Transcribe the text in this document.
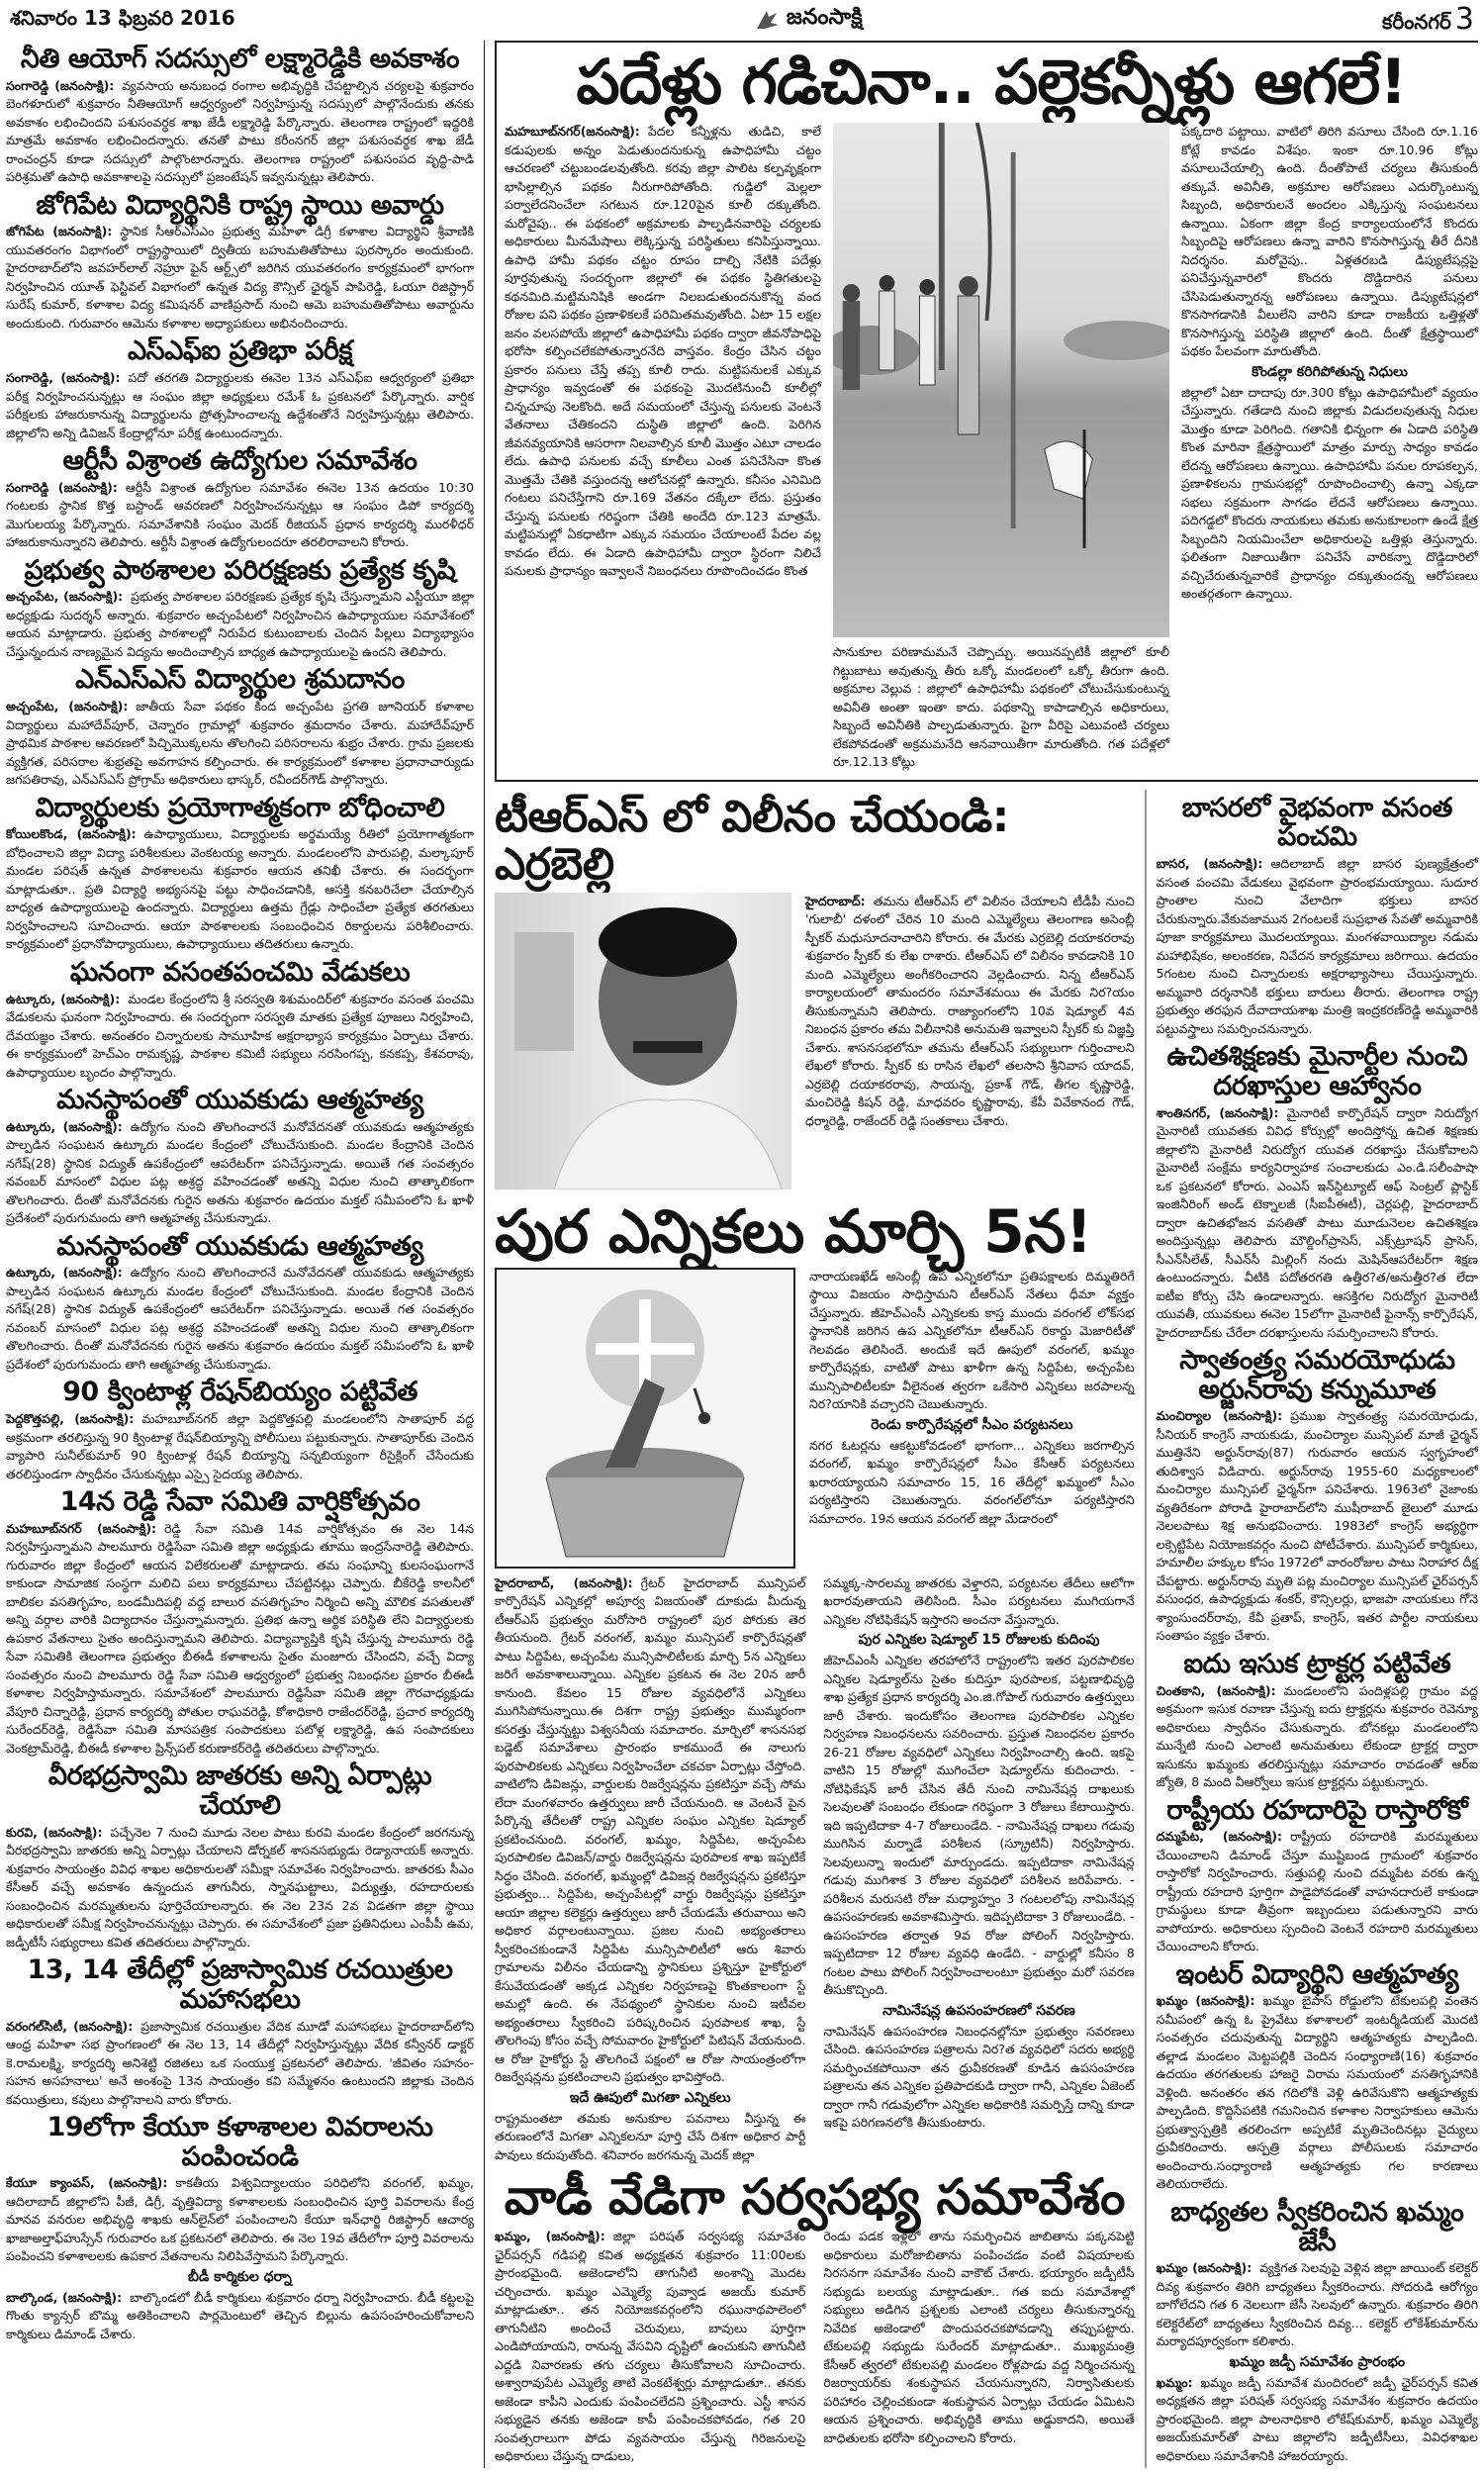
శనివారం 13 ఫిబ్రవరి 2016	జనంసాక్షి	కరీంనగర్ 3
నీతి ఆయోగ్ సదస్సులో లక్ష్మారెడ్డికి అవకాశం

సంగారెడ్డి (జనంసాక్షి): వ్యవసాయ అనుబంధ రంగాల అభివృద్ధికి చేపట్టాల్సిన చర్యలపై శుక్రవారం బెంగళూరులో శుక్రవారం నీతిఆయోగ్ ఆధ్వర్యంలో నిర్వహిస్తున్న సదస్సులో పాల్గొనేందుకు తనకు అవకాశం లభించిందని పశుసంవర్ధక శాఖ జేడీ లక్ష్మారెడ్డి పేర్కొన్నారు. తెలంగాణ రాష్ట్రంలో ఇద్దరికి మాత్రమే అవకాశం లభించిందన్నారు. తనతో పాటు కరీంనగర్ జిల్లా పశుసంవర్ధక శాఖ జేడీ రాంచంద్రన్ కూడా సదస్సులో పాల్గొంటారన్నారు. తెలంగాణ రాష్ట్రంలో పశుసంపద వృద్ధి-పాడి పరిశ్రమతో ఉపాధి అవకాశాలపై సదస్సులో ప్రజంటేషన్ ఇవ్వనున్నట్లు తెలిపారు.

జోగిపేట విద్యార్థినికి రాష్ట్ర స్థాయి అవార్డు

జోగిపేట (జనంసాక్షి): స్థానిక సీఆర్ఎస్ఎం ప్రభుత్వ మహిళా డిగ్రీ కళాశాల విద్యార్థిని శ్రీవాణికి యువతరంగం విభాగంలో రాష్ట్రస్థాయిలో ద్వితీయ బహుమతితోపాటు పురస్కారం అందుకుంది. హైదరాబాద్‌లోని జవహర్‌లాల్ నెహ్రూ ఫైన్ ఆర్ట్స్‌లో జరిగిన యువతరంగం కార్యక్రమంలో భాగంగా నిర్వహించిన యూత్ ఫెస్టివల్ విభాగంలో ఉన్నత విద్య కౌన్సిల్ ఛైర్మన్ పాపిరెడ్డి, ఓయూ రిజిస్ట్రార్ సురేష్ కుమార్, కళాశాల విద్య కమిషనర్ వాణిప్రసాద్ నుంచి ఆమె బహుమతితోపాటు అవార్డును అందుకుంది. గురువారం ఆమెను కళాశాల అధ్యాపకులు అభినందించారు.

ఎస్ఎఫ్ఐ ప్రతిభా పరీక్ష

సంగారెడ్డి, (జనంసాక్షి): పదో తరగతి విద్యార్థులకు ఈనెల 13న ఎస్ఎఫ్ఐ ఆధ్వర్యంలో ప్రతిభా పరీక్ష నిర్వహించనున్నట్లు ఆ సంఘం జిల్లా అధ్యక్షులు రమేశ్ ఓ ప్రకటనలో పేర్కొన్నారు. వార్షిక పరీక్షలకు హాజరుకానున్న విద్యార్థులను ప్రోత్సహించాలన్న ఉద్దేశంతోనే నిర్వహిస్తున్నట్లు తెలిపారు. జిల్లాలోని అన్ని డివిజన్ కేంద్రాల్లోనూ పరీక్ష ఉంటుందన్నారు.

ఆర్టీసీ విశ్రాంత ఉద్యోగుల సమావేశం

సంగారెడ్డి (జనంసాక్షి): ఆర్టీసీ విశ్రాంత ఉద్యోగుల సమావేశం ఈనెల 13న ఉదయం 10:30 గంటలకు స్థానిక కొత్త బస్టాండ్ ఆవరణలో నిర్వహించనున్నట్లు ఆ సంఘం డిపో కార్యదర్శి మొగులయ్య పేర్కొన్నారు. సమావేశానికి సంఘం మెదక్ రీజియన్ ప్రధాన కార్యదర్శి మురళీధర్ హాజరుకానున్నారని తెలిపారు. ఆర్టీసీ విశ్రాంత ఉద్యోగులందరూ తరలిరావాలని కోరారు.

ప్రభుత్వ పాఠశాలల పరిరక్షణకు ప్రత్యేక కృషి

అచ్చంపేట, (జనంసాక్షి): ప్రభుత్వ పాఠశాలల పరిరక్షణకు ప్రత్యేక కృషి చేస్తున్నామని ఎస్టీయూ జిల్లా అధ్యక్షుడు సుదర్శన్ అన్నారు. శుక్రవారం అచ్చంపేటలో నిర్వహించిన ఉపాధ్యాయుల సమావేశంలో ఆయన మాట్లాడారు. ప్రభుత్వ పాఠశాలల్లో నిరుపేద కుటుంబాలకు చెందిన పిల్లలు విద్యాభ్యాసం చేస్తున్నందున నాణ్యమైన విద్యను అందించాల్సిన బాధ్యత ఉపాధ్యాయులపై ఉందని తెలిపారు.

ఎన్ఎస్ఎస్ విద్యార్థుల శ్రమదానం

అచ్చంపేట, (జనంసాక్షి): జాతీయ సేవా పథకం కింద అచ్చంపేట ప్రగతి జూనియర్ కళాశాల విద్యార్థులు మహాదేవ్‌పూర్, చెన్నారం గ్రామాల్లో శుక్రవారం శ్రమదానం చేశారు. మహాదేవ్‌పూర్ ప్రాథమిక పాఠశాల ఆవరణలో పిచ్చిమొక్కలను తొలగించి పరిసరాలను శుభ్రం చేశారు. గ్రామ ప్రజలకు వ్యక్తిగత, పరిసరాల శుభ్రతపై అవగాహన కల్పించారు. ఈ కార్యక్రమంలో కళాశాల ప్రధానాచార్యుడు జగపతిరావు, ఎన్ఎస్ఎస్ ప్రోగ్రామ్ అధికారులు భాస్కర్, రవీందర్‌గౌడ్ పాల్గొన్నారు.

విద్యార్థులకు ప్రయోగాత్మకంగా బోధించాలి

కోయిలకొండ, (జనంసాక్షి): ఉపాధ్యాయులు, విద్యార్థులకు అర్థమయ్యే రీతిలో ప్రయోగాత్మకంగా బోధించాలని జిల్లా విద్యా పరిశీలకులు వెంకటయ్య అన్నారు. మండలంలోని పారుపల్లి, మల్కాపూర్ మండల పరిషత్ ఉన్నత పాఠశాలలను శుక్రవారం ఆయన తనిఖీ చేశారు. ఈ సందర్భంగా మాట్లాడుతూ.. ప్రతి విద్యార్థి అభ్యసనపై పట్టు సాధించడానికి, ఆసక్తి కనబరిచేలా చేయాల్సిన బాధ్యత ఉపాధ్యాయులపై ఉందన్నారు. విద్యార్థులు ఉత్తమ గ్రేడ్లు సాధించేలా ప్రత్యేక తరగతులు నిర్వహించాలని సూచించారు. ఆయా పాఠశాలలకు సంబంధించిన రికార్డులను పరిశీలించారు. కార్యక్రమంలో ప్రధానోపాధ్యాయులు, ఉపాధ్యాయులు తదితరులు ఉన్నారు.

ఘనంగా వసంతపంచమి వేడుకలు

ఉట్కూరు, (జనంసాక్షి): మండల కేంద్రంలోని శ్రీ సరస్వతి శిశుమందిర్‌లో శుక్రవారం వసంత పంచమి వేడుకలను ఘనంగా నిర్వహించారు. ఈ సందర్భంగా సరస్వతి మాతకు ప్రత్యేక పూజలు నిర్వహించి, దేవయజ్ఞం చేశారు. అనంతరం చిన్నారులకు సామూహిక అక్షరాభ్యాస కార్యక్రమం ఏర్పాటు చేశారు. ఈ కార్యక్రమంలో హెచ్ఎం రామకృష్ణ, పాఠశాల కమిటీ సభ్యులు నరసింగప్ప, కనకప్ప, కేశవరావు, ఉపాధ్యాయుల బృందం పాల్గొన్నారు.

మనస్థాపంతో యువకుడు ఆత్మహత్య

ఉట్కూరు, (జనంసాక్షి): ఉద్యోగం నుంచి తొలగించారనే మనోవేదనతో యువకుడు ఆత్మహత్యకు పాల్పడిన సంఘటన ఉట్కూరు మండల కేంద్రంలో చోటుచేసుకుంది. మండల కేంద్రానికి చెందిన నగేష్(28) స్థానిక విద్యుత్ ఉపకేంద్రంలో ఆపరేటర్‌గా పనిచేస్తున్నాడు. అయితే గత సంవత్సరం నవంబర్ మాసంలో విధుల పట్ల అశ్రద్ధ వహించడంతో అతన్ని విధుల నుంచి తాత్కాలికంగా తొలగించారు. దీంతో మనోవేదనకు గురైన అతను శుక్రవారం ఉదయం మక్తల్ సమీపంలోని ఓ ఖాళీ ప్రదేశంలో పురుగుమందు తాగి ఆత్మహత్య చేసుకున్నాడు.

మనస్థాపంతో యువకుడు ఆత్మహత్య

ఉట్కూరు, (జనంసాక్షి): ఉద్యోగం నుంచి తొలగించారనే మనోవేదనతో యువకుడు ఆత్మహత్యకు పాల్పడిన సంఘటన ఉట్కూరు మండల కేంద్రంలో చోటుచేసుకుంది. మండల కేంద్రానికి చెందిన నగేష్(28) స్థానిక విద్యుత్ ఉపకేంద్రంలో ఆపరేటర్‌గా పనిచేస్తున్నాడు. అయితే గత సంవత్సరం నవంబర్ మాసంలో విధుల పట్ల అశ్రద్ధ వహించడంతో అతన్ని విధుల నుంచి తాత్కాలికంగా తొలగించారు. దీంతో మనోవేదనకు గురైన అతను శుక్రవారం ఉదయం మక్తల్ సమీపంలోని ఓ ఖాళీ ప్రదేశంలో పురుగుమందు తాగి ఆత్మహత్య చేసుకున్నాడు.

90 క్వింటాళ్ల రేషన్‌బియ్యం పట్టివేత

పెద్దకొత్తపల్లి, (జనంసాక్షి): మహబూబ్‌నగర్ జిల్లా పెద్దకొత్తపల్లి మండలంలోని సాతాపూర్ వద్ద అక్రమంగా తరలిస్తున్న 90 క్వింటాళ్ల రేషన్‌బియ్యాన్ని పోలీసులు పట్టుకున్నారు. సాతాపూర్‌కు చెందిన వ్యాపారి సునీల్‌కుమార్ 90 క్వింటాళ్ల రేషన్ బియ్యాన్ని సన్నబియ్యంగా రీసైక్లింగ్ చేసేందుకు తరలిస్తుండగా స్వాధీనం చేసుకున్నట్లు ఎస్సై సైదయ్య తెలిపారు.

14న రెడ్డి సేవా సమితి వార్షికోత్సవం

మహబూబ్‌నగర్ (జనంసాక్షి): రెడ్డి సేవా సమితి 14వ వార్షికోత్సవం ఈ నెల 14న నిర్వహిస్తున్నామని పాలమూరు రెడ్డిసేవా సమితి జిల్లా అధ్యక్షుడు తూము ఇంద్రసేనారెడ్డి తెలిపారు. గురువారం జిల్లా కేంద్రంలో ఆయన విలేకరులతో మాట్లాడారు. తమ సంఘాన్ని కులసంఘంగానే కాకుండా సామాజిక సంస్థగా మలిచి పలు కార్యక్రమాలు చేపట్టినట్లు చెప్పారు. బీకేరెడ్డి కాలనీలో బాలికల వసతిగృహం, బండమీదిపల్లి వద్ద బాలుర వసతిగృహం నిర్మించి అన్ని మౌలిక వసతులతో అన్ని వర్గాల వారికి విద్యాదానం చేస్తున్నామన్నారు. ప్రతిభ ఉన్నా ఆర్థిక పరిస్థితి లేని విద్యార్థులకు ఉపకార వేతనాలు సైతం అందిస్తున్నామని తెలిపారు. విద్యావ్యాప్తికి కృషి చేస్తున్న పాలమూరు రెడ్డి సేవా సమితికి తెలంగాణ ప్రభుత్వం బీఈడీ కళాశాలను సైతం మంజూరు చేసిందని, వచ్చే విద్యా సంవత్సరం నుంచి పాలమూరు రెడ్డి సేవా సమితి ఆధ్వర్యంలో ప్రభుత్వ నిబంధనల ప్రకారం బీఈడీ కళాశాల నిర్వహిస్తామన్నారు. సమావేశంలో పాలమూరు రెడ్డిసేవా సమితి జిల్లా గౌరవాధ్యక్షుడు వేపూరి చిన్నారెడ్డి, ప్రధాన కార్యదర్శి పోతుల రాఘవరెడ్డి, కోశాధికారి రాజేందర్‌రెడ్డి, ప్రచార కార్యదర్శి సురేందర్‌రెడ్డి, రెడ్డిసేవా సమితి మాసపత్రిక సంపాదకులు పటోళ్ల లక్ష్మారెడ్డి, ఉప సంపాదకులు వెంకట్రామ్‌రెడ్డి, బీఈడీ కళాశాల ప్రిన్స్‌పల్ కరుణాకర్‌రెడ్డి తదితరులు పాల్గొన్నారు.

వీరభద్రస్వామి జాతరకు అన్ని ఏర్పాట్లు చేయాలి

కురవి, (జనంసాక్షి): పచ్చేనెల 7 నుంచి మూడు నెలల పాటు కురవి మండల కేంద్రంలో జరగనున్న వీరభద్రస్వామి జాతరకు అన్ని ఏర్పాట్లు చేయాలని డోర్నకల్ శాసనసభ్యుడు రెడ్యానాయక్ అన్నారు. శుక్రవారం సాయంత్రం వివిధ శాఖల అధికారులతో సమీక్షా సమావేశం నిర్వహించారు. జాతరకు సీఎం కేసీఆర్ వచ్చే అవకాశం ఉన్నందున తాగునీరు, స్నానఘట్టాలు, విద్యుత్తు, రహదారులకు సంబంధించిన మరమ్మతులను పూర్తిచేయాలన్నారు. ఈ నెల 23న 2వ విడతగా జిల్లా స్థాయి అధికారులతో సమీక్ష నిర్వహించనున్నట్లు చెప్పారు. ఈ సమావేశంలో ప్రజా ప్రతినిధులు ఎంపీపీ ఉమ, జడ్పీటీసీ సభ్యురాలు కవిత తదితరులు పాల్గొన్నారు.

13, 14 తేదీల్లో ప్రజాస్వామిక రచయిత్రుల మహాసభలు

వరంగల్‌సిటీ, (జనంసాక్షి): ప్రజాస్వామిక రచయిత్రుల వేదిక మూడో మహాసభలు హైదరాబాద్‌లోని ఆంధ్ర మహిళా సభ ప్రాంగణంలో ఈ నెల 13, 14 తేదీల్లో నిర్వహిస్తున్నట్లు వేదిక కన్వీనర్ డాక్టర్ కె.రామలక్ష్మి, కార్యదర్శి అనిశెట్టి రజితలు ఒక సంయుక్త ప్రకటనలో తెలిపారు. 'జీవితం సహనం-సహన అసహనాలు' అనే అంశంపై 13న సాయంత్రం కవి సమ్మేళనం ఉంటుందని జిల్లాకు చెందిన కవయిత్రులు, కవులు పాల్గొనాలని వారు కోరారు.

19లోగా కేయూ కళాశాలల వివరాలను పంపించండి

కేయూ క్యాంపస్, (జనంసాక్షి): కాకతీయ విశ్వవిద్యాలయం పరిధిలోని వరంగల్, ఖమ్మం, ఆదిలాబాద్ జిల్లాలోని పీజీ, డిగ్రీ, వృత్తివిద్యా కళాశాలలకు సంబంధించిన పూర్తి వివరాలను కేంద్ర మానవ వనరుల అభివృద్ధి శాఖకు ఆన్‌లైన్‌లో పంపించాలని కేయూ ఇన్‌ఛార్జి రిజిస్ట్రార్ ఆచార్య ఖాజాఅల్తాఫ్‌హుస్సేన్ గురువారం ఒక ప్రకటనలో తెలిపారు. ఈ నెల 19వ తేదీలోగా పూర్తి వివరాలను పంపించని కళాశాలలకు ఉపకార వేతనాలను నిలిపివేస్తామని పేర్కొన్నారు.

బీడీ కార్మికుల ధర్నా

బాల్కొండ, (జనంసాక్షి): బాల్కొండలో బీడీ కార్మికులు శుక్రవారం ధర్నా నిర్వహించారు. బీడీ కట్టలపై గొంతు క్యాన్సర్ బొమ్మ అతికించాలని పార్లమెంటులో తెచ్చిన బిల్లును ఉపసంహరించుకోవాలని కార్మికులు డిమాండ్ చేశారు.

పదేళ్లు గడిచినా.. పల్లెకన్నీళ్లు ఆగలే!

మహబూబ్‌నగర్(జనంసాక్షి): పేదల కన్నీళ్లను తుడిచి, కాలే కడుపులకు అన్నం పెడుతుందనుకున్న ఉపాధిహామీ చట్టం ఆచరణలో చట్టుబండలవుతోంది. కరవు జిల్లా పాలిట కల్పవృక్షంగా భాసిల్లాల్సిన పథకం నీరుగారిపోతోంది. గుడ్డిలో మెల్లలా పర్వాలేదనించేలా సగటున రూ.120పైన కూలీ దక్కుతోంది. మరోవైపు.. ఈ పథకంలో అక్రమాలకు పాల్పడినవారిపై చర్యలకు అధికారులు మీనమేషాలు లెక్కిస్తున్న పరిస్థితులు కనిపిస్తున్నాయి. ఉపాధి హామీ పథకం చట్టం రూపం దాల్చి నేటికి పదేళ్లు పూర్తవుతున్న సందర్భంగా జిల్లాలో ఈ పథకం స్థితిగతులపై కథనమిది.మట్టిమనిషికి అండగా నిలబడుతుందనుకొన్న వంద రోజుల పని పథకం ప్రణాళికలకే పరిమితమవుతోంది. ఏటా 15 లక్షల జనం వలసపోయే జిల్లాలో ఉపాధిహామీ పథకం ద్వారా జీవనోపాధిపై భరోసా కల్పించలేకపోతున్నారనేది వాస్తవం. కేంద్రం చేసిన చట్టం ప్రకారం పనులు చేస్తే తప్ప కూలీ రాదు. మట్టిపనులకే ఎక్కువ ప్రాధాన్యం ఇవ్వడంతో ఈ పథకంపై మొదటినుంచీ కూలీల్లో చిన్నచూపు నెలకొంది. అదే సమయంలో చేస్తున్న పనులకు వెంటనే వేతనాలు చేతికందని దుస్థితి జిల్లాలో ఉంది. పెరిగిన జీవనవ్యయానికి ఆసరాగా నిలవాల్సిన కూలీ మొత్తం ఎటూ చాలడం లేదు. ఉపాధి పనులకు వచ్చే కూలీలు ఎంత పనిచేసినా కొంత మొత్తమే చేతికి వస్తుందన్న ఆలోచనల్లో ఉన్నారు. కనీసం ఎనిమిది గంటలు పనిచేస్తేగాని రూ.169 వేతనం దక్కేలా లేదు. ప్రస్తుతం చేస్తున్న పనులకు గరిష్ఠంగా చేతికి అందేది రూ.123 మాత్రమే. మట్టిపనుల్లో ఏకధాటిగా ఎక్కువ సమయం చేయాలంటే పేదల వల్ల కావడం లేదు. ఈ ఏడాది ఉపాధిహామీ ద్వారా స్థిరంగా నిలిచే పనులకు ప్రాధాన్యం ఇవ్వాలనే నిబంధనలు రూపొందించడం కొంత

సానుకూల పరిణామమనే చెప్పొచ్చు. అయినప్పటికీ జిల్లాలో కూలీ గిట్టుబాటు అవుతున్న తీరు ఒక్కో మండలంలో ఒక్కో తీరుగా ఉంది. అక్రమాల వెల్లువ : జిల్లాలో ఉపాధిహామీ పథకంలో చోటుచేసుకుంటున్న అవినీతి అంతా ఇంతా కాదు. పథకాన్ని కాపాడాల్సిన అధికారులు, సిబ్బందే అవినీతికి పాల్పడుతున్నారు. పైగా వీరిపై ఎటువంటి చర్యలు లేకపోవడంతో అక్రమమనేది ఆనవాయితీగా మారుతోంది. గత పదేళ్లలో రూ.12.13 కోట్లు

పక్కదారి పట్టాయి. వాటిలో తిరిగి వసూలు చేసింది రూ.1.16 కోట్లే కావడం విశేషం. ఇంకా రూ.10.96 కోట్లు వసూలుచేయాల్సి ఉంది. దీంతోపాటే చర్యలు తీసుకుందీ తక్కువే. అవినీతి, అక్రమాల ఆరోపణలు ఎదుర్కొంటున్న సిబ్బంది, అధికారులనే అందలం ఎక్కిస్తున్న సంఘటనలు ఉన్నాయి. ఏకంగా జిల్లా కేంద్ర కార్యాలయంలోనే కొందరు సిబ్బందిపై ఆరోపణలు ఉన్నా వారిని కొనసాగిస్తున్న తీరే దీనికి నిదర్శనం. మరోవైపు.. ఏళ్లతరబడి డిప్యుటేషన్లపై పనిచేస్తున్నవారిలో కొందరు దొడ్డిదారిన పనులు చేసిపెడుతున్నారన్న ఆరోపణలు ఉన్నాయి. డిప్యుటేషన్లలో కొనసాగడానికి వీలులేని వారిని కూడా రాజకీయ ఒత్తిళ్లతో కొనసాగిస్తున్న పరిస్థితి జిల్లాలో ఉంది. దీంతో క్షేత్రస్థాయిలో పథకం పేలవంగా మారుతోంది.

కొండల్లా కరిగిపోతున్న నిధులు

జిల్లాలో ఏటా దాదాపు రూ.300 కోట్లు ఉపాధిహామీలో వ్యయం చేస్తున్నారు. గతేడాది నుంచి జిల్లాకు విడుదలవుతున్న నిధుల మొత్తం కూడా పెరిగింది. గతానికి భిన్నంగా ఈ ఏడాది పరిస్థితి కొంత మారినా క్షేత్రస్థాయిలో మాత్రం మార్పు సాధ్యం కావడం లేదన్న ఆరోపణలు ఉన్నాయి. ఉపాధిహామీ పనుల రూపకల్పన, ప్రణాళికలను గ్రామసభల్లో రూపొందించాల్సి ఉన్నా ఎక్కడా సభలు సక్రమంగా సాగడం లేదనే ఆరోపణలు ఉన్నాయి. పదిగడ్డలో కొందరు నాయకులు తమకు అనుకూలంగా ఉండే క్షేత్ర సిబ్బందిని నియమించేలా అధికారులపై ఒత్తిళ్లు తెస్తున్నారు. ఫలితంగా నిజాయితీగా పనిచేసే వారికన్నా దొడ్డిదారిలో వచ్చిచేరుతున్నవారికే ప్రాధాన్యం దక్కుతుందన్న ఆరోపణలు అంతర్గతంగా ఉన్నాయి.

టీఆర్ఎస్ లో విలీనం చేయండి: ఎర్రబెల్లి

హైదరాబాద్: తమను టీఆర్ఎస్ లో విలీనం చేయాలని టీడీపీ నుంచి 'గులాబీ' దళంలో చేరిన 10 మంది ఎమ్మెల్యేలు తెలంగాణ అసెంబ్లీ స్పీకర్ మధుసూదనాచారిని కోరారు. ఈ మేరకు ఎర్రబెల్లి దయాకరరావు శుక్రవారం స్పీకర్ కు లేఖ రాశారు. టీఆర్ఎస్ లో విలీనం కావడానికి 10 మంది ఎమ్మెల్యేలు అంగీకరించారని వెల్లడించారు. నిన్న టీఆర్ఎస్ కార్యాలయంలో తామందరం సమావేశమయి ఈ మేరకు నిర?యం తీసుకున్నామని తెలిపారు. రాజ్యాంగంలోని 10వ షెడ్యూల్ 4వ నిబంధన ప్రకారం తమ విలీనానికి అనుమతి ఇవ్వాలని స్పీకర్ కు విజ్ఞప్తి చేశారు. శాసనసభలోనూ తమను టీఆర్ఎస్ సభ్యులుగా గుర్తించాలని లేఖలో కోరారు. స్పీకర్ కు రాసిన లేఖలో తలసాని శ్రీనివాస యాదవ్, ఎర్రబెల్లి దయాకరరావు, సాయన్న, ప్రకాశ్ గౌడ్, తీగల కృష్ణారెడ్డి, మంచిరెడ్డి కిషన్ రెడ్డి, మాధవరం కృష్ణారావు, కేపీ వివేకానంద గౌడ్, ధర్మారెడ్డి, రాజేందర్ రెడ్డి సంతకాలు చేశారు.

పుర ఎన్నికలు మార్చి 5న!

నారాయణఖేడ్ అసెంబ్లీ ఉప ఎన్నికలోనూ ప్రతిపక్షాలకు దిమ్మతిరిగే స్థాయి విజయం సాధిస్తామని టీఆర్ఎస్ నేతలు ధీమా వ్యక్తం చేస్తున్నారు. జీహెచ్ఎంసీ ఎన్నికలకు కాస్త ముందు వరంగల్ లోక్‌సభ స్థానానికి జరిగిన ఉప ఎన్నికలోనూ టీఆర్ఎస్ రికార్డు మెజారిటీతో గెలవడం తెలిసిందే. అందుకే ఇదే ఊపులో వరంగల్, ఖమ్మం కార్పొరేషన్లకు, వాటితో పాటు ఖాళీగా ఉన్న సిద్దిపేట, అచ్చంపేట మున్సిపాలిటీలకూ వీలైనంత త్వరగా ఒకేసారి ఎన్నికలు జరపాలన్న నిర?యానికి వచ్చారని చెబుతున్నారు.

రెండు కార్పొరేషన్లలో సీఎం పర్యటనలు

నగర ఓటర్లను ఆకట్టుకోవడంలో భాగంగా... ఎన్నికలు జరగాల్సిన వరంగల్, ఖమ్మం కార్పొరేషన్లలో సీఎం కేసీఆర్ పర్యటనలు ఖరారయ్యాయని సమాచారం 15, 16 తేదీల్లో ఖమ్మంలో సీఎం పర్యటిస్తారని చెబుతున్నారు. వరంగల్‌లోనూ పర్యటిస్తారని సమాచారం. 19న ఆయన వరంగల్ జిల్లా మేడారంలో

హైదరాబాద్, (జనంసాక్షి): గ్రేటర్ హైదరాబాద్ మున్సిపల్ కార్పొరేషన్ ఎన్నికల్లో అపూర్వ విజయంతో దూకుడు మీదున్న టీఆర్ఎస్ ప్రభుత్వం మరోసారి రాష్ట్రంలో పుర పోరుకు తెర తీయనుంది. గ్రేటర్ వరంగల్, ఖమ్మం మున్సిపల్ కార్పొరేషన్లతో పాటు సిద్దిపేట, అచ్చంపేట మున్సిపాలిటీలకు మార్చి 5న ఎన్నికలు జరిగే అవకాశాలున్నాయి. ఎన్నికల ప్రకటన ఈ నెల 20న జారీ కానుంది. కేవలం 15 రోజుల వ్యవధిలోనే ఎన్నికలు ముగిసిపోనున్నాయి.ఈ దిశగా రాష్ట్ర ప్రభుత్వం ముమ్మరంగా కసరత్తు చేస్తున్నట్టు విశ్వసనీయ సమాచారం. మార్చిలో శాసనసభ బడ్జెట్ సమావేశాలు ప్రారంభం కాకముందే ఈ నాలుగు పురపాలికలకు ఎన్నికలు నిర్వహించేలా చకచకా ఏర్పాట్లు చేస్తోంది. వాటిలోని డివిజన్లు, వార్డులకు రిజర్వేషన్లను ప్రకటిస్తూ వచ్చే సోమ లేదా మంగళవారం ఉత్తర్వులు జారీ చేయనుంది. ఆ వెంటనే పైన పేర్కొన్న తేదీలతో రాష్ట్ర ఎన్నికల సంఘం ఎన్నికల షెడ్యూల్ ప్రకటించనుంది. వరంగల్, ఖమ్మం, సిద్దిపేట, అచ్చంపేట పురపాలికల డివిజన్/వార్డు రిజర్వేషన్లను పురపాలక శాఖ ఇప్పటికే సిద్ధం చేసింది. వరంగల్, ఖమ్మంల్లో డివిజన్ల రిజర్వేషన్లను ప్రకటిస్తూ ప్రభుత్వం... సిద్దిపేట, అచ్చంపేటల్లో వార్డు రిజర్వేషన్లు ప్రకటిస్తూ ఆయా జిల్లాల కలెక్టర్లు ఉత్తర్వులు జారీ చేయడమే తరువాయి అని అధికార వర్గాలంటున్నాయి. ప్రజల నుంచి అభ్యంతరాలు స్వీకరించకుండానే సిద్దిపేట మున్సిపాలిటీలో ఆరు శివారు గ్రామాలను విలీనం చేయడాన్ని స్థానికులు ప్రశ్నిస్తూ హైకోర్టులో కేసువేయడంతో అక్కడ ఎన్నికల నిర్వహణపై కొంతకాలంగా స్టే అమల్లో ఉంది. ఈ నేపథ్యంలో స్థానికుల నుంచి ఇటీవల అభ్యంతరాలు స్వీకరించి పరిష్కరించిన పురపాలక శాఖ, స్టే తొలగింపు కోసం వచ్చే సోమవారం హైకోర్టులో పిటిషన్ వేయనుంది. ఆ రోజు హైకోర్టు స్టే తొలగించే పక్షంలో ఆ రోజు సాయంత్రంలోగా రిజర్వేషన్లను ప్రకటించాలని ప్రభుత్వం భావిస్తోంది.

ఇదే ఊపులో మిగతా ఎన్నికలు

రాష్ట్రమంతటా తమకు అనుకూల పవనాలు వీస్తున్న ఈ తరుణంలోనే మిగతా ఎన్నికలనూ పూర్తి చేసే దిశగా అధికార పార్టీ పావులు కదుపుతోంది. శనివారం జరగనున్న మెదక్ జిల్లా

సమ్మక్క-సారలమ్మ జాతరకు వెళ్తారని, పర్యటనల తేదీలు ఆలోగా ఖరారవుతాయని తెలిసింది. సీఎం పర్యటనలు ముగియగానే ఎన్నికల నోటిఫికేషన్ ఇస్తారని అంచనా వేస్తున్నారు.

పుర ఎన్నికల షెడ్యూల్ 15 రోజులకు కుదింపు

జీహెచ్ఎంసీ ఎన్నికల తరహాలోనే రాష్ట్రంలోని ఇతర పురపాలికల ఎన్నికల షెడ్యూల్‌ను సైతం కుదిస్తూ పురపాలక, పట్టణాభివృద్ధి శాఖ ప్రత్యేక ప్రధాన కార్యదర్శి ఎం.జి.గోపాల్ గురువారం ఉత్తర్వులు జారీ చేశారు. ఇందుకోసం తెలంగాణ పురపాలికల ఎన్నికల నిర్వహణ నిబంధనలను సవరించారు. ప్రస్తుత నిబంధనల ప్రకారం 26-21 రోజుల వ్యవధిలో ఎన్నికలు నిర్వహించాల్సి ఉంది. ఇకపై వాటిని 15 రోజుల్లో ముగించేలా షెడ్యూల్‌ను కుదించారు. - నోటిఫికేషన్ జారీ చేసిన తేదీ నుంచి నామినేషన్ల దాఖలుకు సెలవులతో సంబంధం లేకుండా గరిష్ఠంగా 3 రోజులు కేటాయిస్తారు. ఇది ఇప్పటిదాకా 4-7 రోజులుండేది. - నామినేషన్ల దాఖలు గడువు ముగిసిన మర్నాడే పరిశీలన (స్క్రూటినీ) నిర్వహిస్తారు. సెలవులున్నా ఇందులో మార్పుండదు. ఇప్పటిదాకా నామినేషన్ల గడువు ముగిశాక 3 రోజుల వ్యవధిలో పరిశీలన జరిపేవారు. - పరిశీలన మరుసటి రోజు మధ్యాహ్నం 3 గంటలలోపు నామినేషన్ల ఉపసంహరణకు అవకాశమిస్తారు. ఇదిప్పటిదాకా 3 రోజులుండేది. - ఉపసంహరణ తర్వాత 9వ రోజు పోలింగ్ నిర్వహిస్తారు. ఇప్పటిదాకా 12 రోజుల వ్యవధి ఉండేది. - వార్డుల్లో కనీసం 8 గంటల పాటు పోలింగ్ నిర్వహించాలంటూ ప్రభుత్వం మరో సవరణ తీసుకొచ్చింది.

నామినేషన్ల ఉపసంహరణలో సవరణ

నామినేషన్ ఉపసంహరణ నిబంధనల్లోనూ ప్రభుత్వం సవరణలు చేసింది. ఉపసంహరణ పత్రాలను నిర?త వ్యవధిలో సదరు అభ్యర్థి సమర్పించకపోయినా తన ధ్రువీకరణతో కూడిన ఉపసంహరణ పత్రాలను తన ఎన్నికల ప్రతిపాదకుడి ద్వారా గానీ, ఎన్నికల ఏజెంట్ ద్వారా గానీ గడువులోగా ఎన్నికల అధికారికి సమర్పిస్తే దాన్ని కూడా ఇకపై పరిగణనలోకి తీసుకుంటారు.

వాడీ వేడిగా సర్వసభ్య సమావేశం

ఖమ్మం, (జనంసాక్షి): జిల్లా పరిషత్ సర్వసభ్య సమావేశం ఛైర్‌పర్సన్ గడిపల్లి కవిత అధ్యక్షతన శుక్రవారం 11:00లకు ప్రారంభమైంది. అజెండాలోని తాగునీటి అంశాన్ని మొదట చర్చించారు. ఖమ్మం ఎమ్మెల్యే పువ్వాడ అజయ్ కుమార్ మాట్లాడుతూ.. తన నియోజకవర్గంలోని రఘునాథపాలెంలో తాగునీటిని అందించే చెరువులు, బావులు పూర్తిగా ఎండిపోయాయని, రానున్న వేసవిని దృష్టిలో ఉంచుకుని తాగునీటి ఎద్దడి నివారణకు తగు చర్యలు తీసుకోవాలని సూచించారు. అశ్వారావుపేట ఎమ్మెల్యే తాటి వెంకటేశ్వర్లు మాట్లాడుతూ.. తనకు అజెండా కాపీని ఎందుకు పంపించలేదని ప్రశ్నించారు. ఎస్టీ శాసన సభ్యుడైన తనకు అజెండా కాపీ పంపించకపోవడం, గత 20 సంవత్సరాలుగా పోడు వ్యవసాయం చేస్తున్న గిరిజనులపై అధికారులు చేస్తున్న దాడులు,

రెండు పడక ఇళ్లలో తాను సమర్పించిన జాబితాను పక్కనపెట్టి అధికారులు మరోజాబితాను పంపించడం వంటి విషయాలకు నిరసనగా సమావేశం నుంచి వాకౌట్ చేశారు. భయ్యారం జడ్పీటీసీ సభ్యుడు బలయ్య మాట్లాడుతూ.. గత ఐదు సమావేశాల్లో సభ్యులు అడిగిన ప్రశ్నలకు ఎలాంటి చర్యలు తీసుకున్నారన్న నివేదిక అజెండాలో పొందుపరచకపోవడాన్ని తప్పుపట్టారు. టేకులపల్లి సభ్యుడు సురేందర్ మాట్లాడుతూ.. ముఖ్యమంత్రి కేసీఆర్ త్వరలో టేకులపల్లి మండలం రోళ్లపాడు వద్ద నిర్మించనున్న రిజర్వాయర్‌కు శంకుస్థాపన చేయనున్నారని, నిర్వాసితులకు పరిహారం చెల్లించకుండా శంకుస్థాపన ఏర్పాట్లు చేయడం ఏమిటని ఆయన ప్రశ్నించారు. అభివృద్ధికి తాము అడ్డుకాదని, అయితే బాధితులకు భరోసా కల్పించాలని కోరారు.

బాసరలో వైభవంగా వసంత పంచమి

బాసర, (జనంసాక్షి): ఆదిలాబాద్ జిల్లా బాసర పుణ్యక్షేత్రంలో వసంత పంచమి వేడుకలు వైభవంగా ప్రారంభమయ్యాయి. సుదూర ప్రాంతాల నుంచి వేలాదిగా భక్తులు బాసర చేరుకున్నారు.వేకువజామున 2గంటలకే సుప్రభాత సేవతో అమ్మవారికి పూజా కార్యక్రమాలు మొదలయ్యాయి. మంగళవాయిద్యాల నడుమ మహాభిషేకం, అలంకరణ, నివేదన కార్యక్రమాలు జరిగాయి. ఉదయం 5గంటల నుంచి చిన్నారులకు అక్షరాభ్యాసాలు చేయిస్తున్నారు. అమ్మవారి దర్శనానికి భక్తులు బారులు తీరారు. తెలంగాణ రాష్ట్ర ప్రభుత్వం తరఫున దేవాదాయశాఖ మంత్రి ఇంద్రకరణ్‌రెడ్డి అమ్మవారికి పట్టువస్త్రాలు సమర్పించనున్నారు.

ఉచితశిక్షణకు మైనార్టీల నుంచి దరఖాస్తుల ఆహ్వానం

శాంతినగర్, (జనంసాక్షి): మైనారిటీ కార్పొరేషన్ ద్వారా నిరుద్యోగ మైనారిటీ యువతకు వివిధ కోర్సుల్లో అందిస్తోన్న ఉచిత శిక్షణకు జిల్లాలోని మైనారిటీ నిరుద్యోగ యువత దరఖాస్తు చేసుకోవాలని మైనారిటీ సంక్షేమ కార్యనిర్వాహక సంచాలకుడు ఎం.డి.సలీంపాషా ఒక ప్రకటనలో కోరారు. ఎంఎస్ ఇన్‌స్టిట్యూట్ ఆఫ్ సెంట్రల్ ప్లాస్టిక్ ఇంజినీరింగ్ అండ్ టెక్నాలజీ (సీఐపీఈటీ), చెర్లపల్లి, హైదరాబాద్ ద్వారా ఉచితభోజన వసతితో పాటు మూడునెలల ఉచితశిక్షణ అందిస్తున్నట్లు తెలిపారు మౌల్డింగ్‌ప్రాసెస్, ఎక్స్‌ట్రూషన్ ప్రాసెస్, సీఎన్‌సీలేత్, సీఎన్‌సీ మిల్లింగ్ నందు మెషిన్‌ఆపరేటర్‌గా శిక్షణ ఉంటుందన్నారు. వీటికి పదోతరగతి ఉత్తీర?త/అనుత్తీర?త లేదా ఐటీఐ కోర్సు చేసి ఉండాలన్నారు. ఆసక్తిగల నిరుద్యోగ మైనారిటీ యువతీ, యువకులు ఈనెల 15లోగా మైనారిటీ ఫైనాన్స్ కార్పొరేషన్, హైదరాబాద్‌కు చేరేలా దరఖాస్తులను సమర్పించాలని కోరారు.

స్వాతంత్ర్య సమరయోధుడు అర్జున్‌రావు కన్నుమూత

మంచిర్యాల (జనంసాక్షి): ప్రముఖ స్వాతంత్ర్య సమరయోధుడు, సీనియర్ కాంగ్రెస్ నాయకుడు, మంచిర్యాల మున్సిపల్ మాజీ ఛైర్మన్ ముత్తినేని అర్జున్‌రావు(87) గురువారం ఆయన స్వగృహంలో తుదిశ్వాస విడిచారు. అర్జున్‌రావు 1955-60 మధ్యకాలంలో మంచిర్యాల మున్సిపల్ ఛైర్మన్‌గా పనిచేశారు. 1963లో నైజాంకు వ్యతిరేకంగా పోరాడి హైరాబాద్‌లోని ముషీరాబాద్ జైలులో మూడు నెలలపాటు శిక్ష అనుభవించారు. 1983లో కాంగ్రెస్ అభ్యర్థిగా లక్సెట్టిపేట నియోజకవర్గం నుంచి పోటీచేశారు. మున్సిపల్ కార్మికులు, హమాలీల హక్కుల కోసం 1972లో వారంరోజుల పాటు నిరాహార దీక్ష చేపట్టారు. అర్జున్‌రావు మృతి పట్ల మంచిర్యాల మున్సిపల్ ఛైర్‌పర్సన్ వసుంధర, ఉపాధ్యక్షుడు శంకర్, కౌన్సిలర్లు, భాజపా నాయకులు గోనె శ్యాంసుందర్‌రావు, కేవీ ప్రతాప్, కాంగ్రెస్, ఇతర పార్టీల నాయకులు సంతాపం వ్యక్తం చేశారు.

ఐదు ఇసుక ట్రాక్టర్ల పట్టివేత

చింతకాని, (జనంసాక్షి): మండలంలోని పందిళ్లపల్లి గ్రామం వద్ద అక్రమంగా ఇసుక రవాణా చేస్తున్న ఐదు ట్రాక్టర్లను శుక్రవారం రెవెన్యూ అధికారులు స్వాధీనం చేసుకున్నారు. బోనకల్లు మండలంలోని మున్నేటి నుంచి ఎలాంటి అనుమతులు లేకుండా ట్రాక్టర్ల ద్వారా ఇసుకను ఖమ్మంకు తరలిస్తున్నట్లు సమాచారం రావడంతో ఆర్ఐ జ్యోతి, 8 మంది వీఆర్వోలు ఇసుక ట్రాక్టర్లను పట్టుకున్నారు.

రాష్ట్రీయ రహదారిపై రాస్తారోకో

దమ్మపేట, (జనంసాక్షి): రాష్ట్రీయ రహదారికి మరమ్మతులు చేయించాలని డిమాండ్ చేస్తూ ముష్టిబండ గ్రామంలో శుక్రవారం రాస్తారోకో నిర్వహించారు. సత్తుపల్లి నుంచి దమ్మపేట వరకు ఉన్న రాష్ట్రీయ రహదారి పూర్తిగా పాడైపోవడంతో వాహనదారులే కాకుండా గ్రామస్థులు కూడా తీవ్రంగా ఇబ్బందులు పడుతున్నారని వారు వాపోయారు. అధికారులు స్పందించి వెంటనే రహదారి మరమ్మతులు చేయించాలని కోరారు.

ఇంటర్ విద్యార్థిని ఆత్మహత్య

ఖమ్మం (జనంసాక్షి): ఖమ్మం బైపాస్ రోడ్డులోని టేకులపల్లి వంతెన సమీపంలో ఉన్న ఓ ప్రైవేటు కళాశాలలో ఇంటర్మీడియట్ మొదటి సంవత్సరం చదువుతున్న విద్యార్థిని ఆత్మహత్యకు పాల్పడింది. తల్లాడ మండలం మెట్టపల్లికి చెందిన సంధ్యారాణి(16) శుక్రవారం ఉదయం తరగతులకు హాజరై విరామ సమయంలో వసతిగృహానికి వెళ్లింది. అనంతరం తన గదిలోకి వెళ్లి ఉరివేసుకొని ఆత్మహత్యకు పాల్పడింది. కొద్దిసేపటికి గమనించిన కళాశాల నిర్వాహకులు ఆమెను ప్రభుత్వాస్పత్రికి తరలించగా అప్పటికే మృతిచెందినట్లు వైద్యులు ధ్రువీకరించారు. ఆస్పత్రి వర్గాలు పోలీసులకు సమాచారం అందించారు.సంధ్యారాణి ఆత్మహత్యకు గల కారణాలు తెలియరాలేదు.

బాధ్యతల స్వీకరించిన ఖమ్మం జేసీ

ఖమ్మం (జనంసాక్షి): వ్యక్తిగత సెలవుపై వెళ్లిన జిల్లా జాయింట్ కలెక్టర్ దివ్య శుక్రవారం తిరిగి బాధ్యతలు స్వీకరించారు. సోదరుడి ఆరోగ్యం బాగోలేదని గత 6 నెలలుగా జేసీ సెలవులో ఉన్నారు. శుక్రవారం తిరిగి కలెక్టరేట్‌లో బాధ్యతలు స్వీకరించిన దివ్య... కలెక్టర్ లోకేశ్‌కుమార్‌ను మర్యాదపూర్వకంగా కలిశారు.

ఖమ్మం జడ్పీ సమావేశం ప్రారంభం

ఖమ్మం: ఖమ్మం జడ్పీ సమావేశ మందిరంలో జడ్పీ ఛైర్‌పర్సన్ కవిత అధ్యక్షతన జిల్లా పరిషత్ సర్వసభ్య సమావేశం శుక్రవారం ఉదయం ప్రారంభమైంది. జిల్లా పాలనాధికారి లోకేష్‌కుమార్, ఖమ్మం ఎమ్మెల్యే అజయ్‌కుమార్‌తో పాటు జిల్లాలోని జడ్పీటీసీలు, వివిధశాఖల అధికారులు సమావేశానికి హాజరయ్యారు.
